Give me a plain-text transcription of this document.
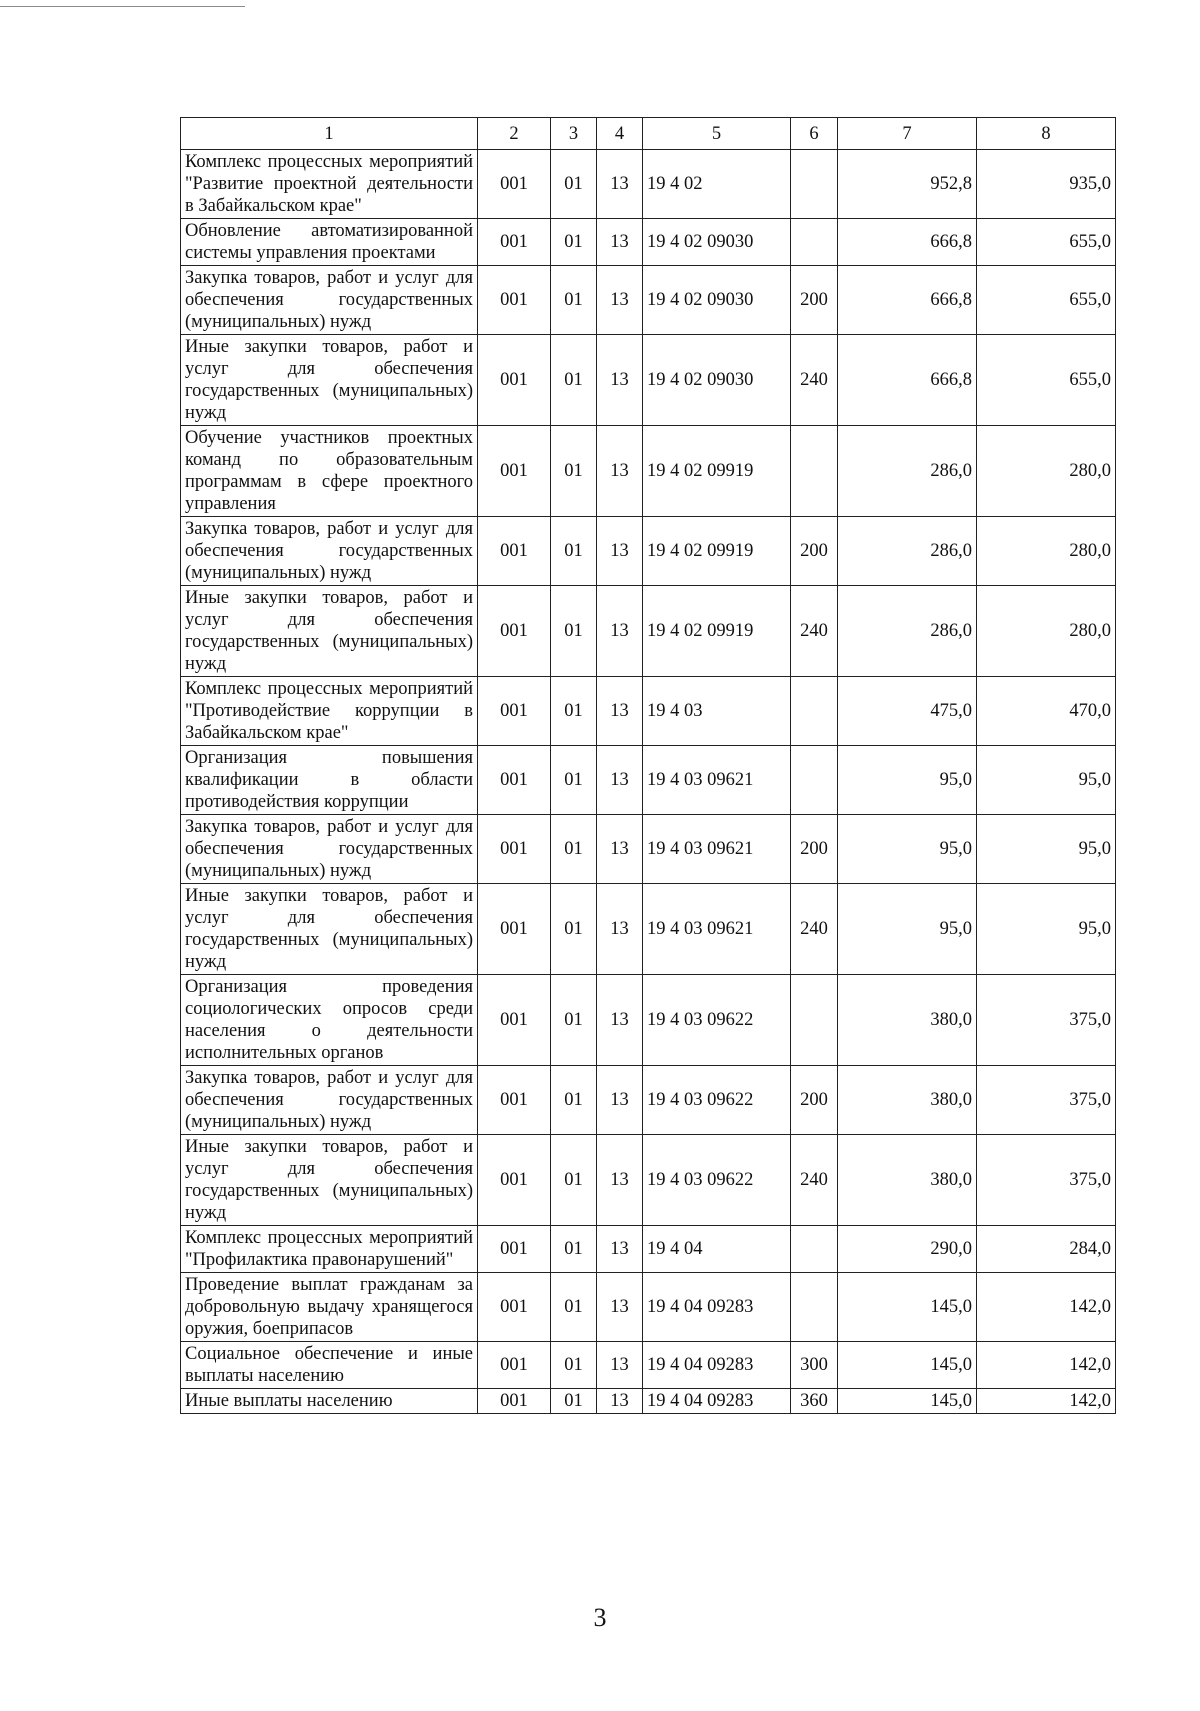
1	2	3	4	5	6	7	8
Комплекс процессных мероприятий "Развитие проектной деятельности в Забайкальском крае"	001	01	13	19 4 02		952,8	935,0
Обновление автоматизированной системы управления проектами	001	01	13	19 4 02 09030		666,8	655,0
Закупка товаров, работ и услуг для обеспечения государственных (муниципальных) нужд	001	01	13	19 4 02 09030	200	666,8	655,0
Иные закупки товаров, работ и услуг для обеспечения государственных (муниципальных) нужд	001	01	13	19 4 02 09030	240	666,8	655,0
Обучение участников проектных команд по образовательным программам в сфере проектного управления	001	01	13	19 4 02 09919		286,0	280,0
Закупка товаров, работ и услуг для обеспечения государственных (муниципальных) нужд	001	01	13	19 4 02 09919	200	286,0	280,0
Иные закупки товаров, работ и услуг для обеспечения государственных (муниципальных) нужд	001	01	13	19 4 02 09919	240	286,0	280,0
Комплекс процессных мероприятий "Противодействие коррупции в Забайкальском крае"	001	01	13	19 4 03		475,0	470,0
Организация повышения квалификации в области противодействия коррупции	001	01	13	19 4 03 09621		95,0	95,0
Закупка товаров, работ и услуг для обеспечения государственных (муниципальных) нужд	001	01	13	19 4 03 09621	200	95,0	95,0
Иные закупки товаров, работ и услуг для обеспечения государственных (муниципальных) нужд	001	01	13	19 4 03 09621	240	95,0	95,0
Организация проведения социологических опросов среди населения о деятельности исполнительных органов	001	01	13	19 4 03 09622		380,0	375,0
Закупка товаров, работ и услуг для обеспечения государственных (муниципальных) нужд	001	01	13	19 4 03 09622	200	380,0	375,0
Иные закупки товаров, работ и услуг для обеспечения государственных (муниципальных) нужд	001	01	13	19 4 03 09622	240	380,0	375,0
Комплекс процессных мероприятий "Профилактика правонарушений"	001	01	13	19 4 04		290,0	284,0
Проведение выплат гражданам за добровольную выдачу хранящегося оружия, боеприпасов	001	01	13	19 4 04 09283		145,0	142,0
Социальное обеспечение и иные выплаты населению	001	01	13	19 4 04 09283	300	145,0	142,0
Иные выплаты населению	001	01	13	19 4 04 09283	360	145,0	142,0
3
